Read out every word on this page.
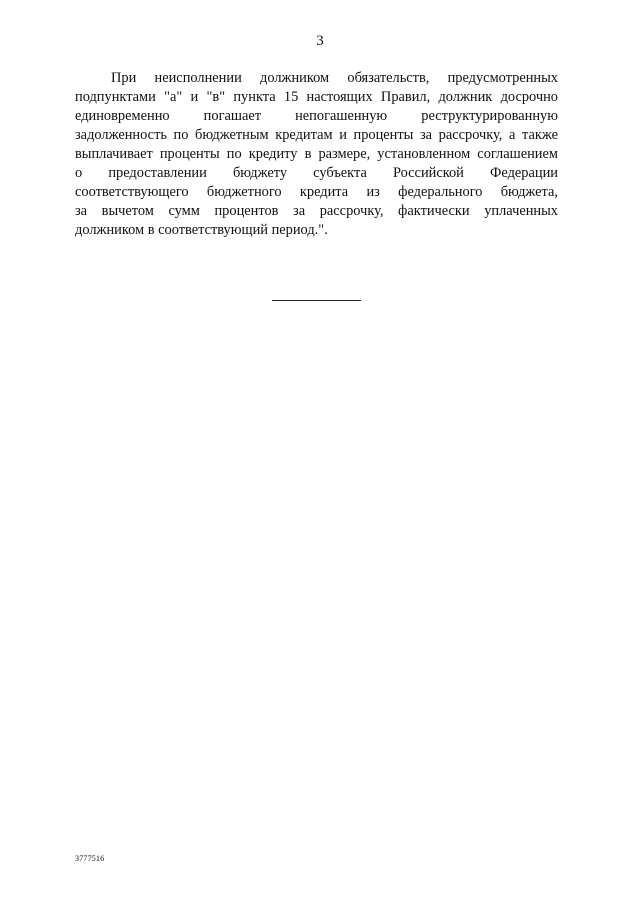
3
При неисполнении должником обязательств, предусмотренных
подпунктами "а" и "в" пункта 15 настоящих Правил, должник досрочно
единовременно погашает непогашенную реструктурированную
задолженность по бюджетным кредитам и проценты за рассрочку, а также
выплачивает проценты по кредиту в размере, установленном соглашением
о предоставлении бюджету субъекта Российской Федерации
соответствующего бюджетного кредита из федерального бюджета,
за вычетом сумм процентов за рассрочку, фактически уплаченных
должником в соответствующий период.".
3777516
